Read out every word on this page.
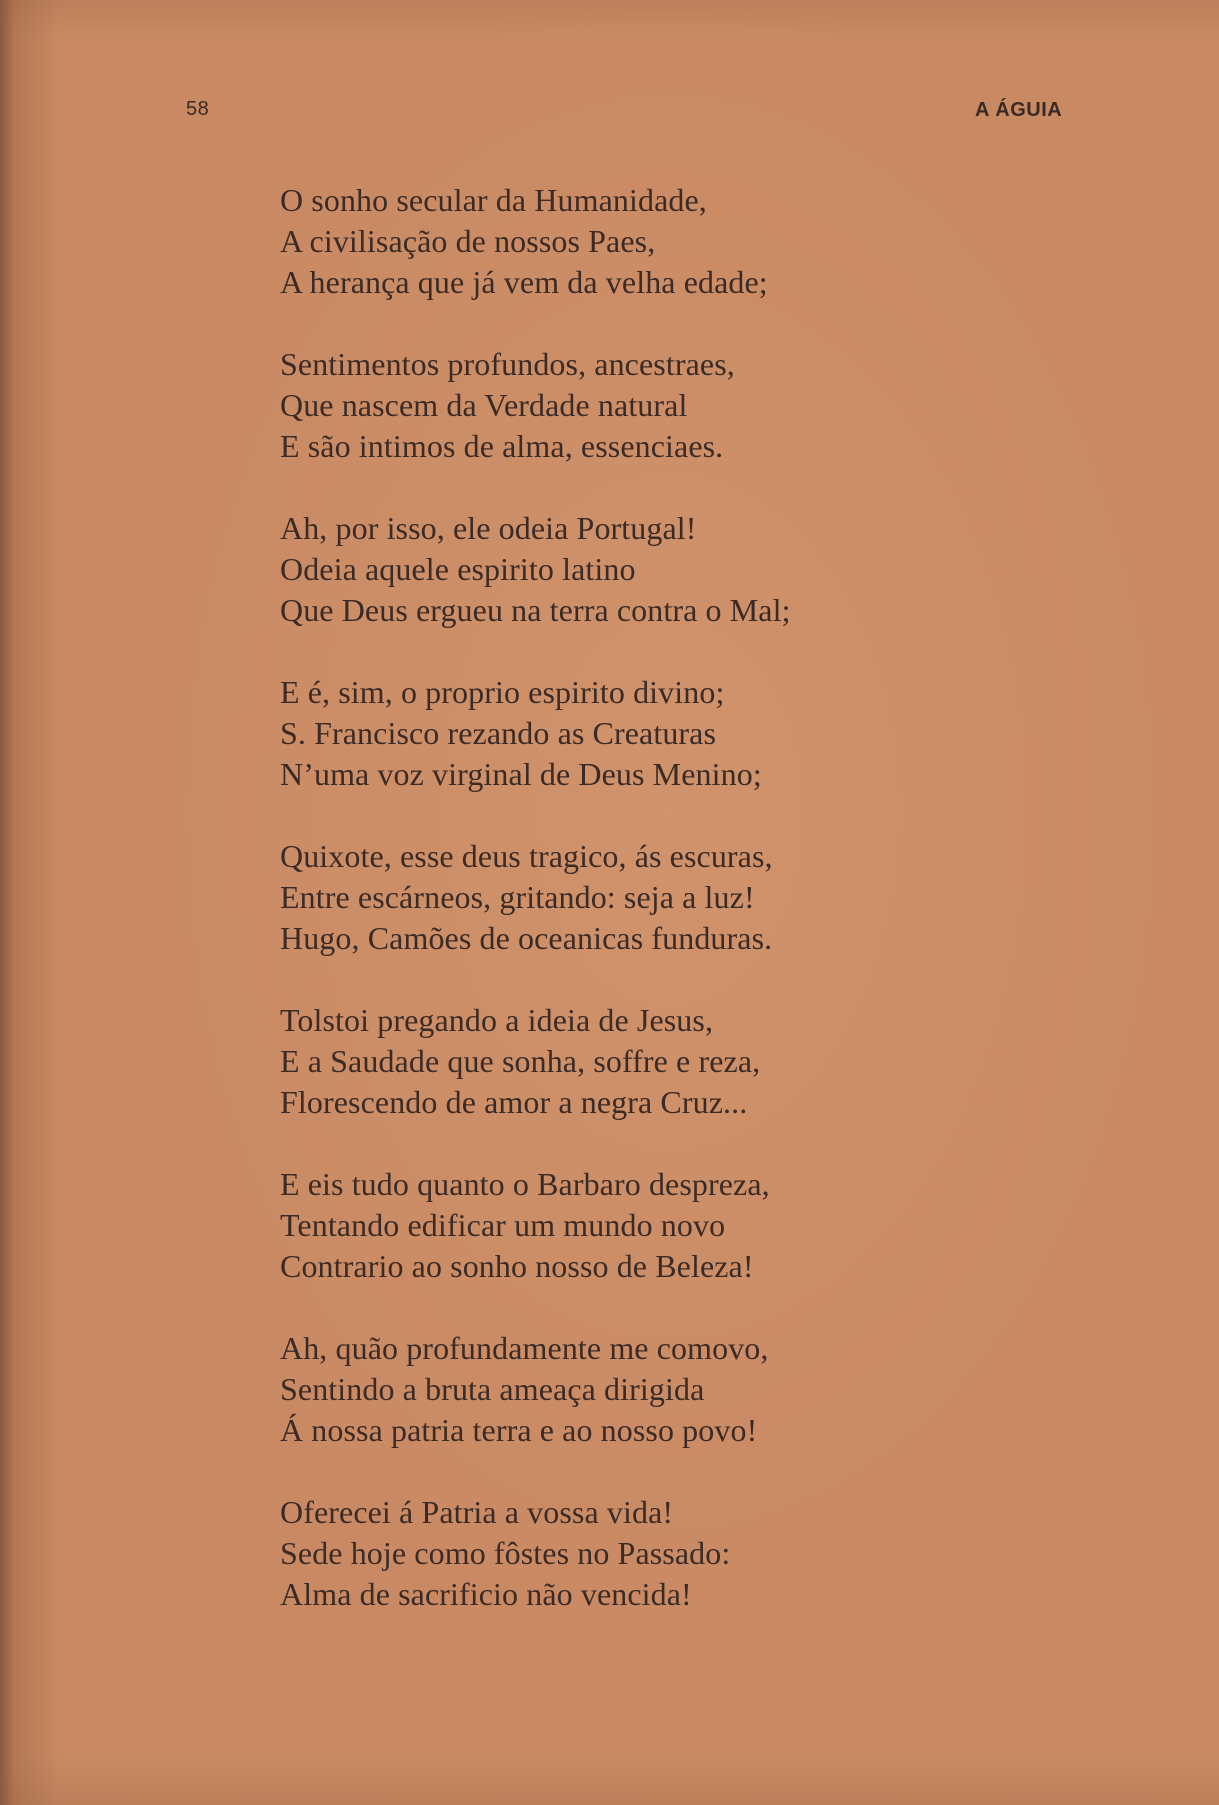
58	A ÁGUIA
O sonho secular da Humanidade,
A civilisação de nossos Paes,
A herança que já vem da velha edade;
Sentimentos profundos, ancestraes,
Que nascem da Verdade natural
E são intimos de alma, essenciaes.
Ah, por isso, ele odeia Portugal!
Odeia aquele espirito latino
Que Deus ergueu na terra contra o Mal;
E é, sim, o proprio espirito divino;
S. Francisco rezando as Creaturas
N’uma voz virginal de Deus Menino;
Quixote, esse deus tragico, ás escuras,
Entre escárneos, gritando: seja a luz!
Hugo, Camões de oceanicas funduras.
Tolstoi pregando a ideia de Jesus,
E a Saudade que sonha, soffre e reza,
Florescendo de amor a negra Cruz...
E eis tudo quanto o Barbaro despreza,
Tentando edificar um mundo novo
Contrario ao sonho nosso de Beleza!
Ah, quão profundamente me comovo,
Sentindo a bruta ameaça dirigida
Á nossa patria terra e ao nosso povo!
Oferecei á Patria a vossa vida!
Sede hoje como fôstes no Passado:
Alma de sacrificio não vencida!
